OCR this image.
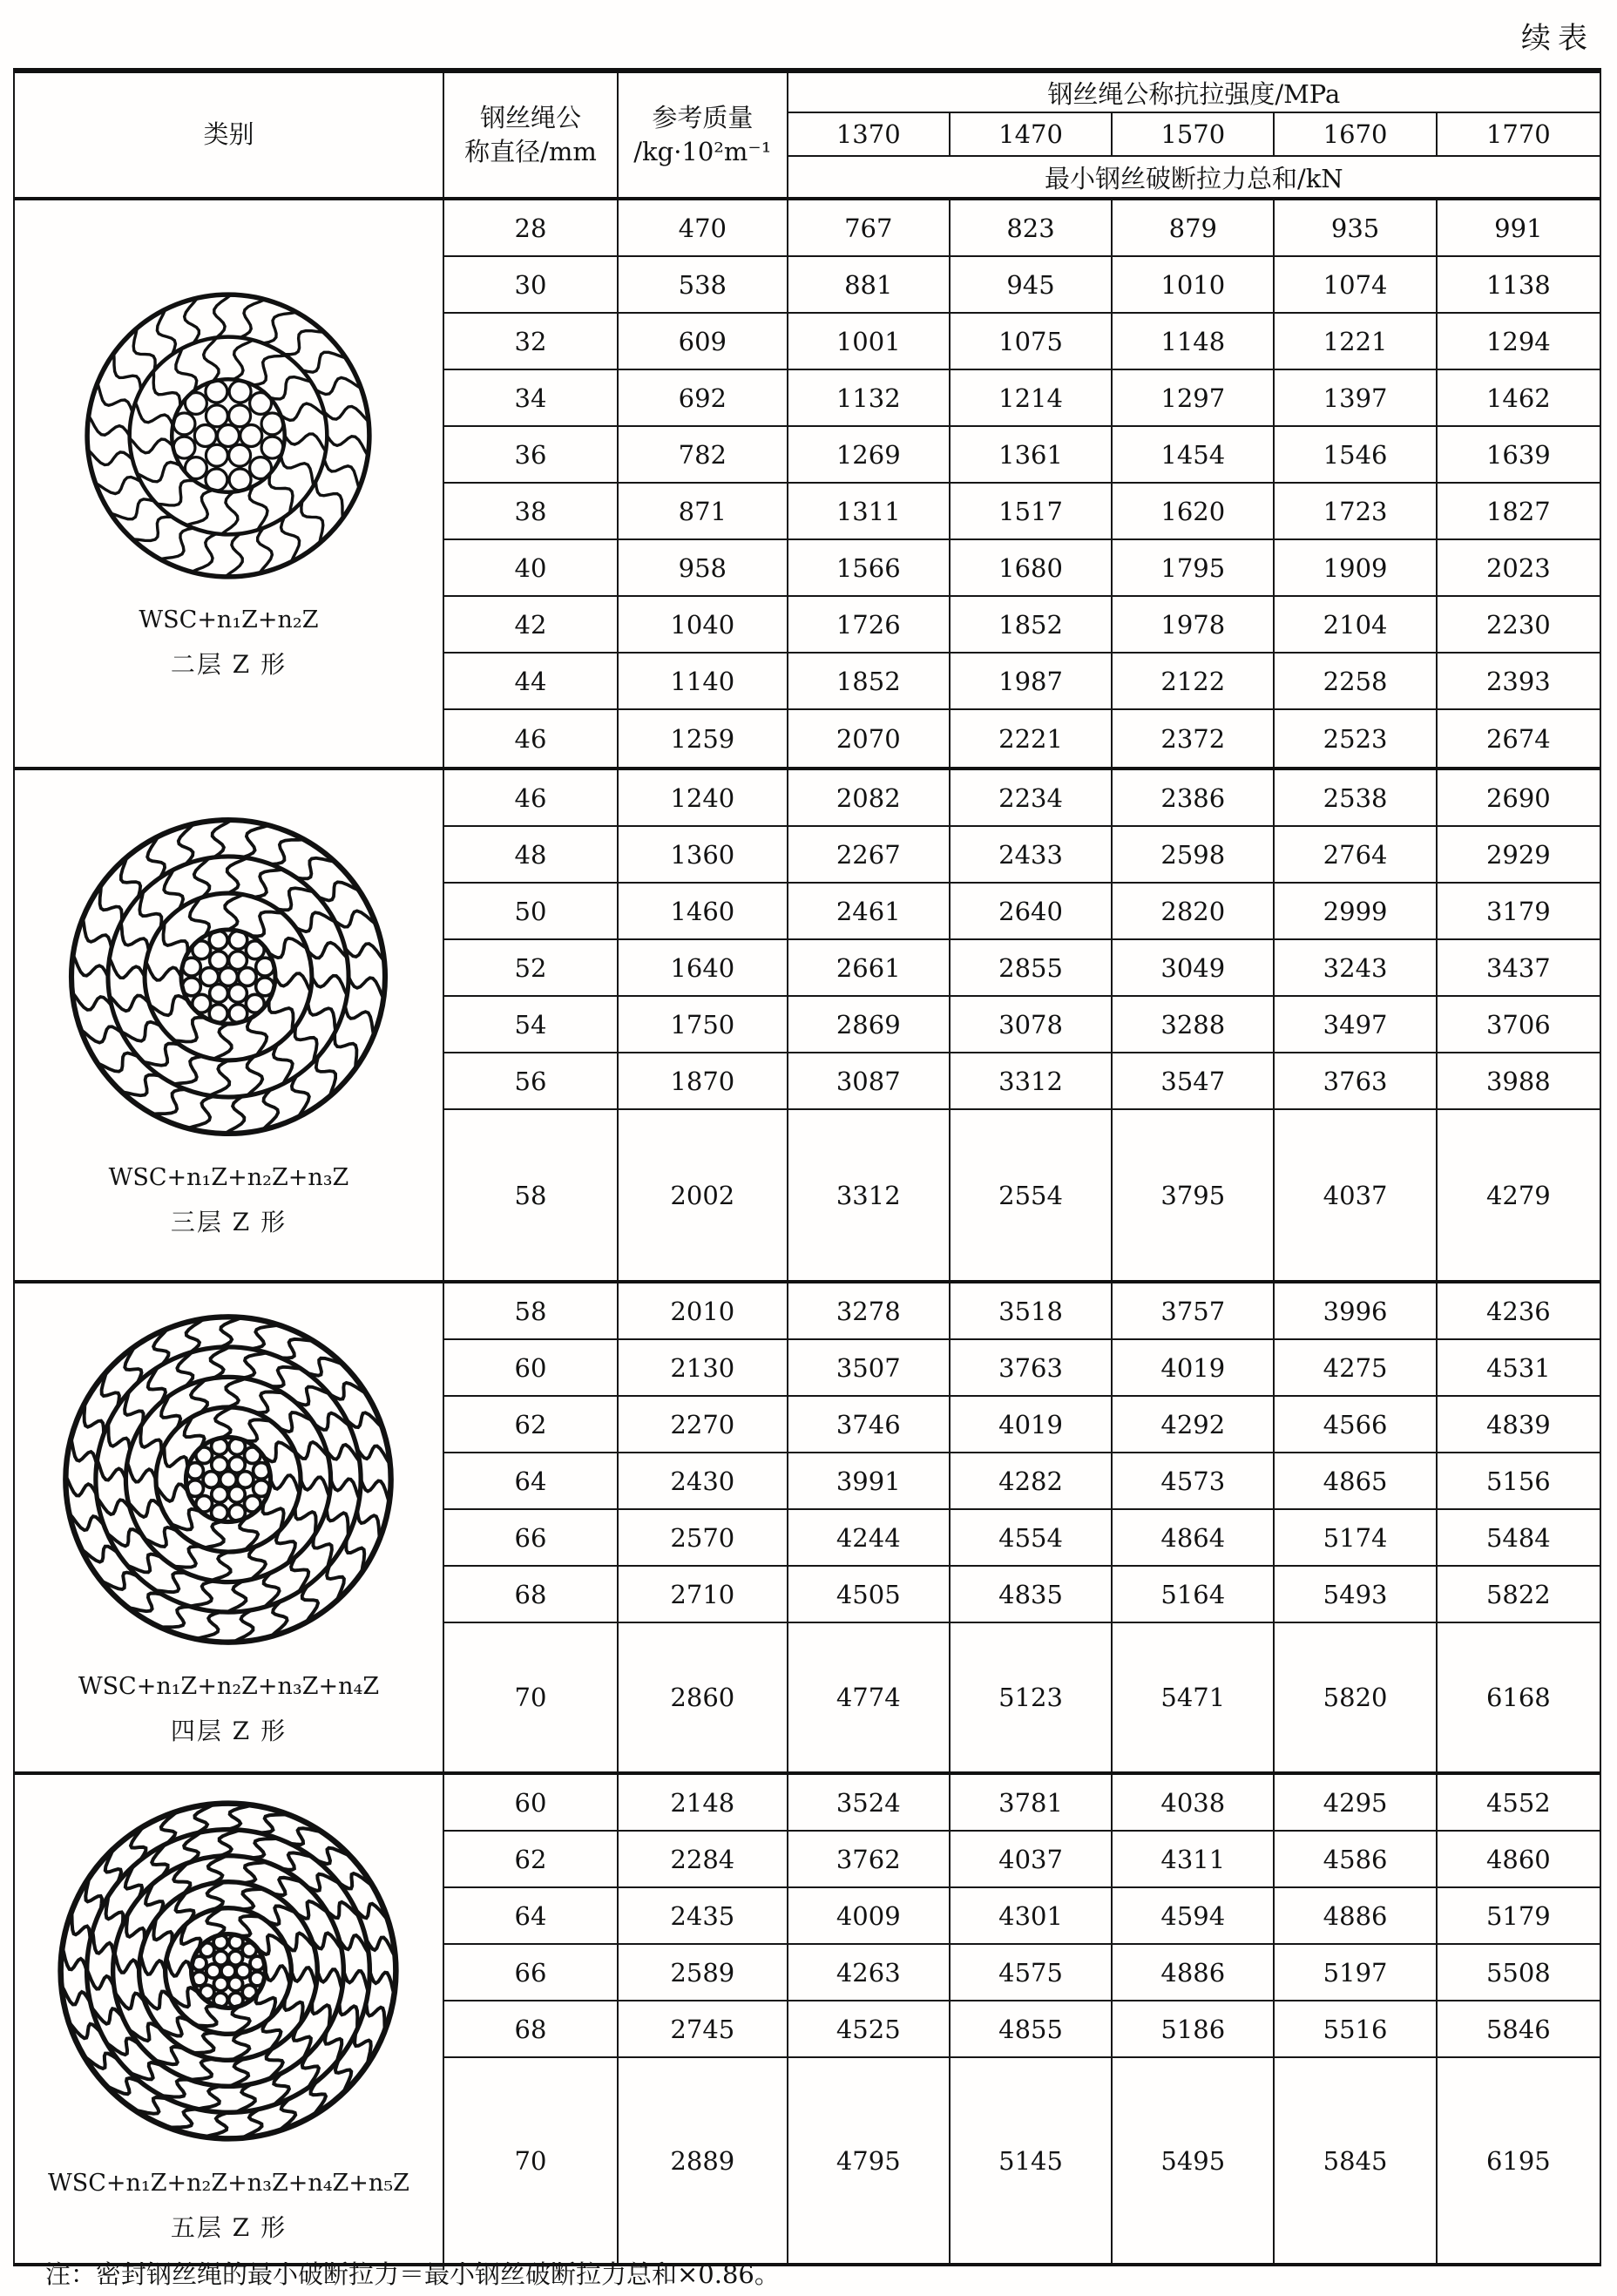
续表
类别
钢丝绳公
称直径/mm
参考质量
/kg·10²m⁻¹
钢丝绳公称抗拉强度/MPa
1370	1470	1570	1670	1770
最小钢丝破断拉力总和/kN
WSC+n₁Z+n₂Z
二层 Z 形
28	470	767	823	879	935	991
30	538	881	945	1010	1074	1138
32	609	1001	1075	1148	1221	1294
34	692	1132	1214	1297	1397	1462
36	782	1269	1361	1454	1546	1639
38	871	1311	1517	1620	1723	1827
40	958	1566	1680	1795	1909	2023
42	1040	1726	1852	1978	2104	2230
44	1140	1852	1987	2122	2258	2393
46	1259	2070	2221	2372	2523	2674
WSC+n₁Z+n₂Z+n₃Z
三层 Z 形
46	1240	2082	2234	2386	2538	2690
48	1360	2267	2433	2598	2764	2929
50	1460	2461	2640	2820	2999	3179
52	1640	2661	2855	3049	3243	3437
54	1750	2869	3078	3288	3497	3706
56	1870	3087	3312	3547	3763	3988
58	2002	3312	2554	3795	4037	4279
WSC+n₁Z+n₂Z+n₃Z+n₄Z
四层 Z 形
58	2010	3278	3518	3757	3996	4236
60	2130	3507	3763	4019	4275	4531
62	2270	3746	4019	4292	4566	4839
64	2430	3991	4282	4573	4865	5156
66	2570	4244	4554	4864	5174	5484
68	2710	4505	4835	5164	5493	5822
70	2860	4774	5123	5471	5820	6168
WSC+n₁Z+n₂Z+n₃Z+n₄Z+n₅Z
五层 Z 形
60	2148	3524	3781	4038	4295	4552
62	2284	3762	4037	4311	4586	4860
64	2435	4009	4301	4594	4886	5179
66	2589	4263	4575	4886	5197	5508
68	2745	4525	4855	5186	5516	5846
70	2889	4795	5145	5495	5845	6195
注：密封钢丝绳的最小破断拉力＝最小钢丝破断拉力总和×0.86。
